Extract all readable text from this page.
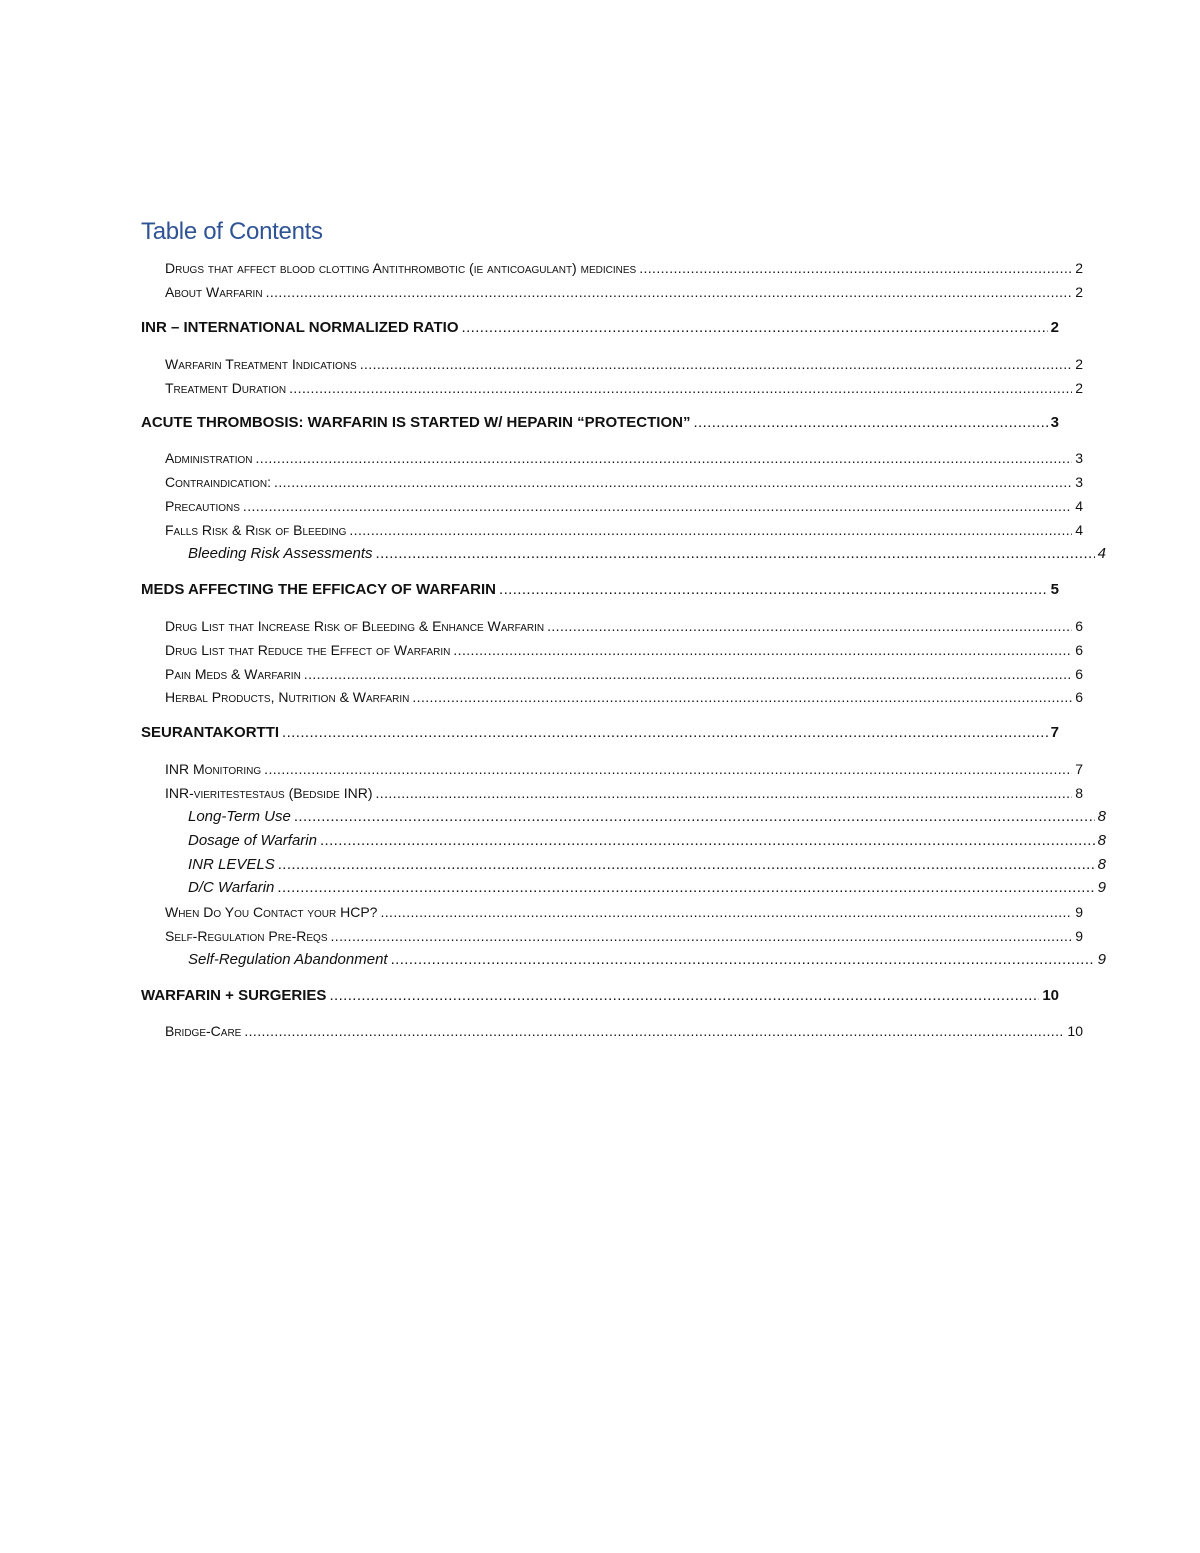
Table of Contents
Drugs that affect blood clotting Antithrombotic (ie anticoagulant) medicines .....	2
About Warfarin .....	2
INR – INTERNATIONAL NORMALIZED RATIO .....	2
Warfarin Treatment Indications .....	2
Treatment Duration .....	2
ACUTE THROMBOSIS: WARFARIN IS STARTED W/ HEPARIN “PROTECTION” .....	3
Administration .....	3
Contraindication: .....	3
Precautions .....	4
Falls Risk & Risk of Bleeding .....	4
Bleeding Risk Assessments .....	4
MEDS AFFECTING THE EFFICACY OF WARFARIN .....	5
Drug List that Increase Risk of Bleeding & Enhance Warfarin .....	6
Drug List that Reduce the Effect of Warfarin .....	6
Pain Meds & Warfarin .....	6
Herbal Products, Nutrition & Warfarin .....	6
SEURANTAKORTTI .....	7
INR Monitoring .....	7
INR-vieritestestaus (Bedside INR) .....	8
Long-Term Use .....	8
Dosage of Warfarin .....	8
INR LEVELS .....	8
D/C Warfarin .....	9
When Do You Contact your HCP? .....	9
Self-Regulation Pre-Reqs .....	9
Self-Regulation Abandonment .....	9
WARFARIN + SURGERIES .....	10
Bridge-Care .....	10
